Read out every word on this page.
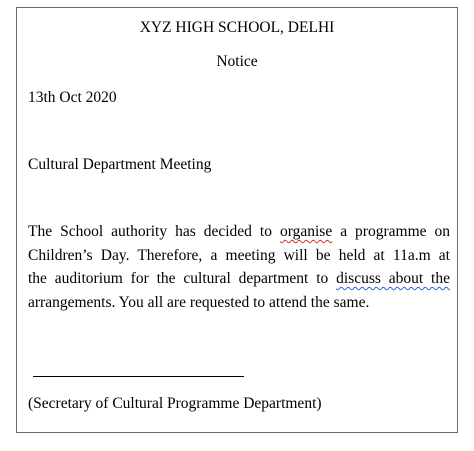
XYZ HIGH SCHOOL, DELHI
Notice
13th Oct 2020
Cultural Department Meeting
The School authority has decided to organise a programme on
Children’s Day. Therefore, a meeting will be held at 11a.m at
the auditorium for the cultural department to discuss about the
arrangements. You all are requested to attend the same.
(Secretary of Cultural Programme Department)
